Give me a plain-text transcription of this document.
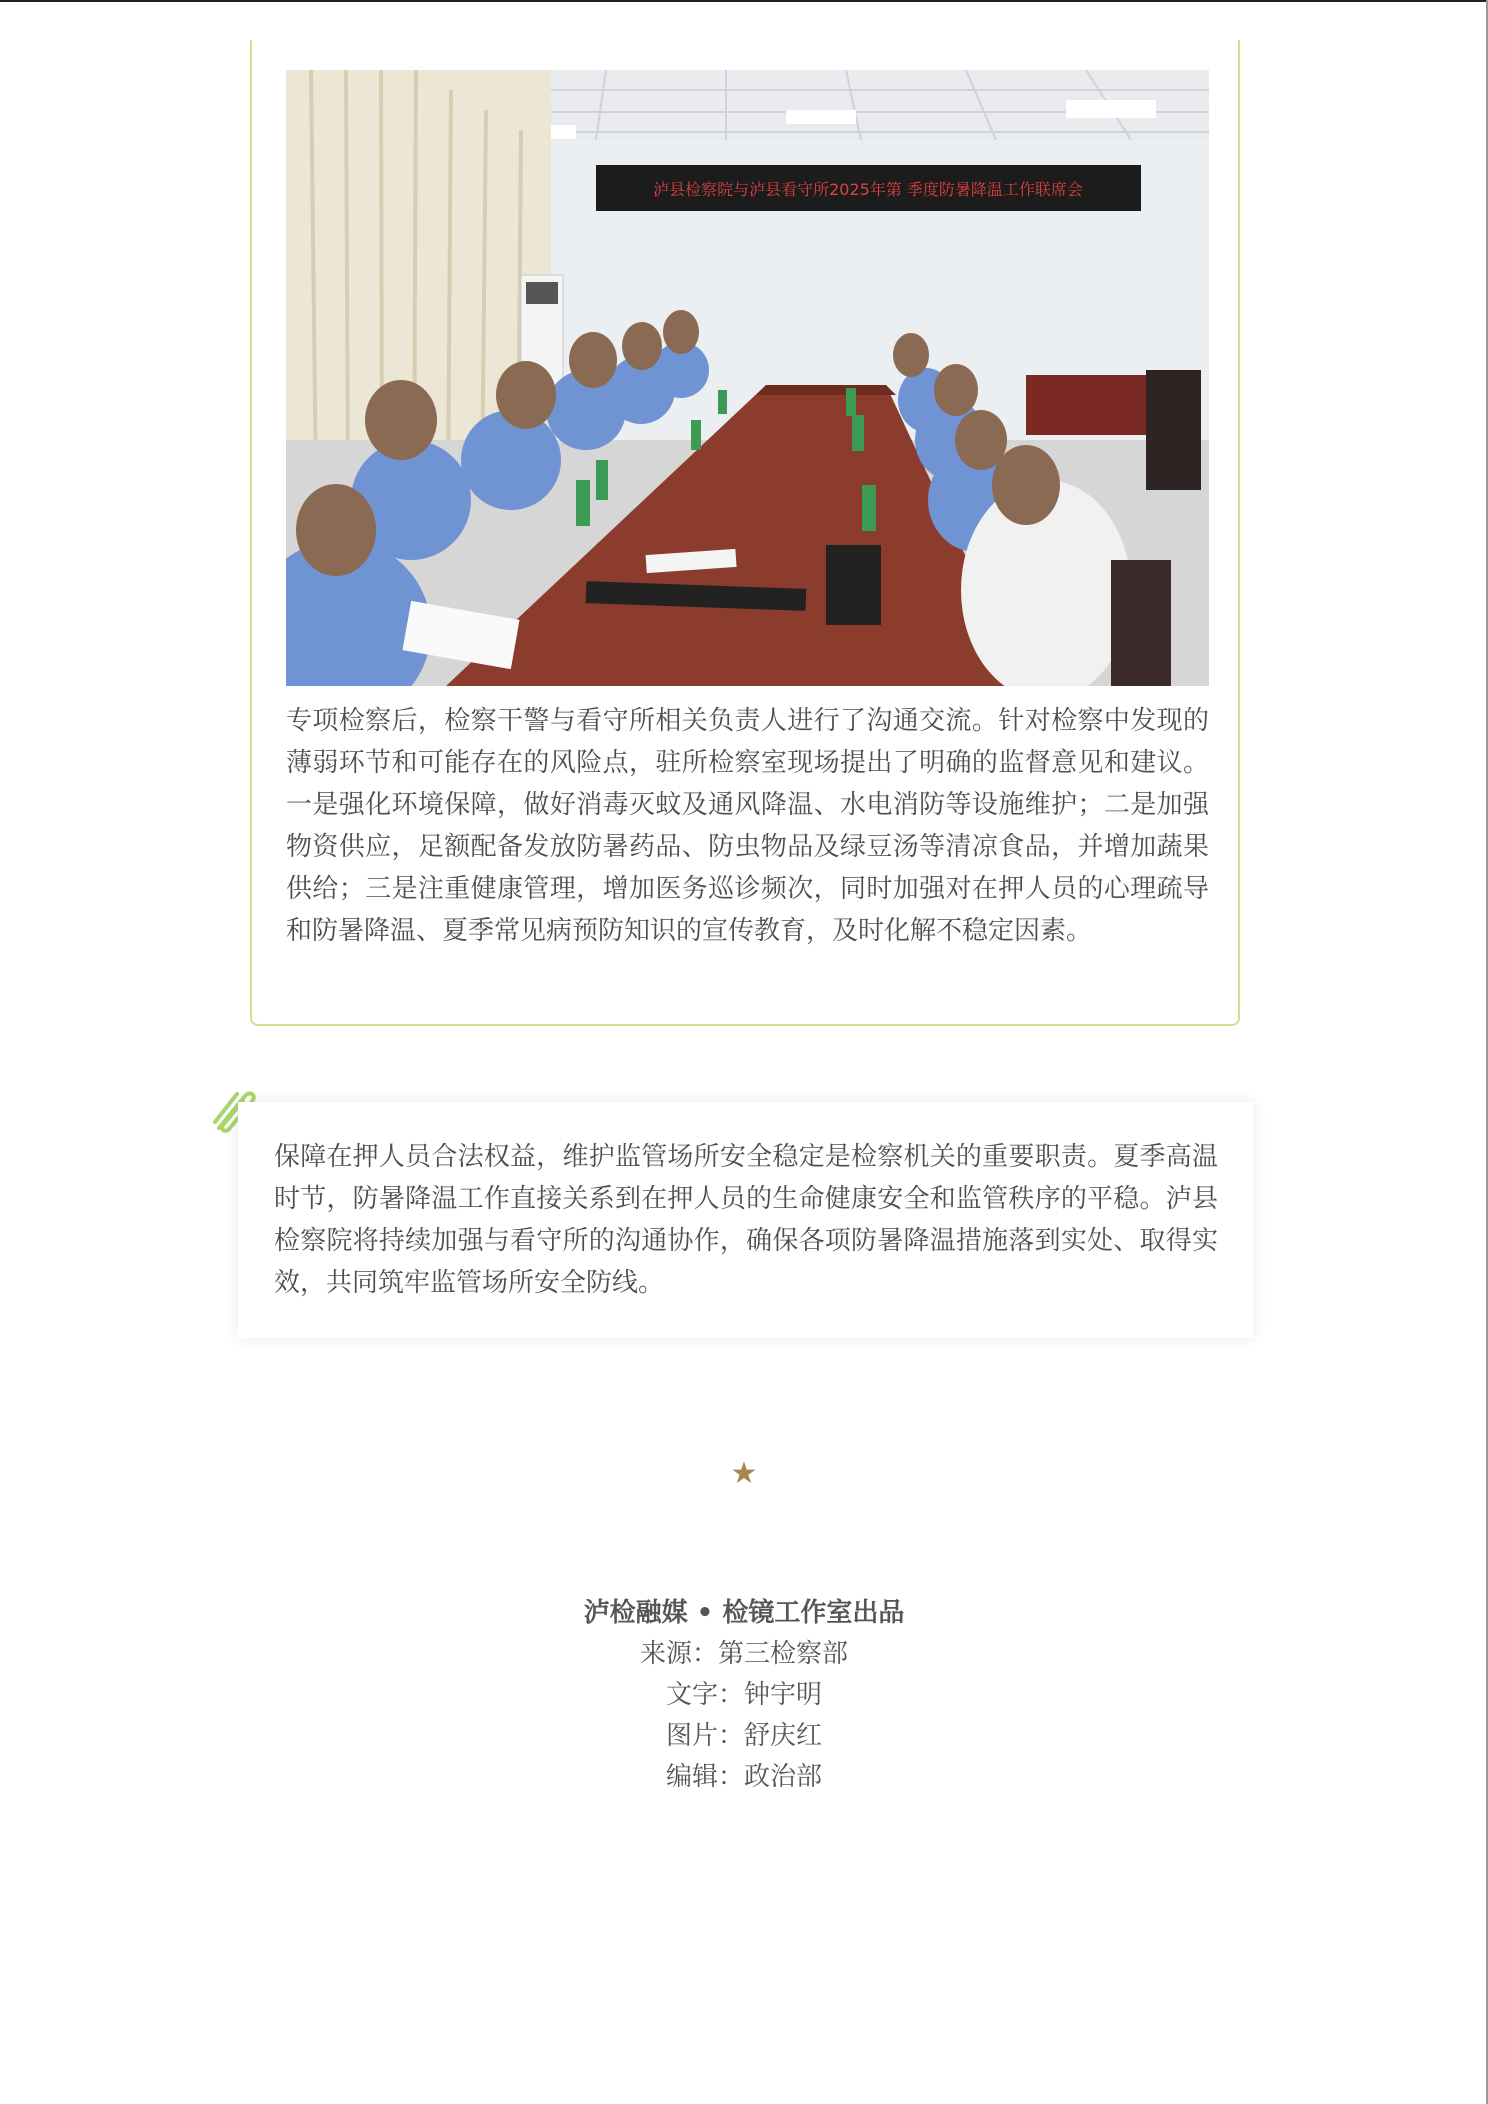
泸县检察院与泸县看守所2025年第 季度防暑降温工作联席会

专项检察后，检察干警与看守所相关负责人进行了沟通交流。针对检察中发现的薄弱环节和可能存在的风险点，驻所检察室现场提出了明确的监督意见和建议。一是强化环境保障，做好消毒灭蚊及通风降温、水电消防等设施维护；二是加强物资供应，足额配备发放防暑药品、防虫物品及绿豆汤等清凉食品，并增加蔬果供给；三是注重健康管理，增加医务巡诊频次，同时加强对在押人员的心理疏导和防暑降温、夏季常见病预防知识的宣传教育，及时化解不稳定因素。

保障在押人员合法权益，维护监管场所安全稳定是检察机关的重要职责。夏季高温时节，防暑降温工作直接关系到在押人员的生命健康安全和监管秩序的平稳。泸县检察院将持续加强与看守所的沟通协作，确保各项防暑降温措施落到实处、取得实效，共同筑牢监管场所安全防线。

★
泸检融媒 • 检镜工作室出品
来源：第三检察部
文字：钟宇明
图片：舒庆红
编辑：政治部
